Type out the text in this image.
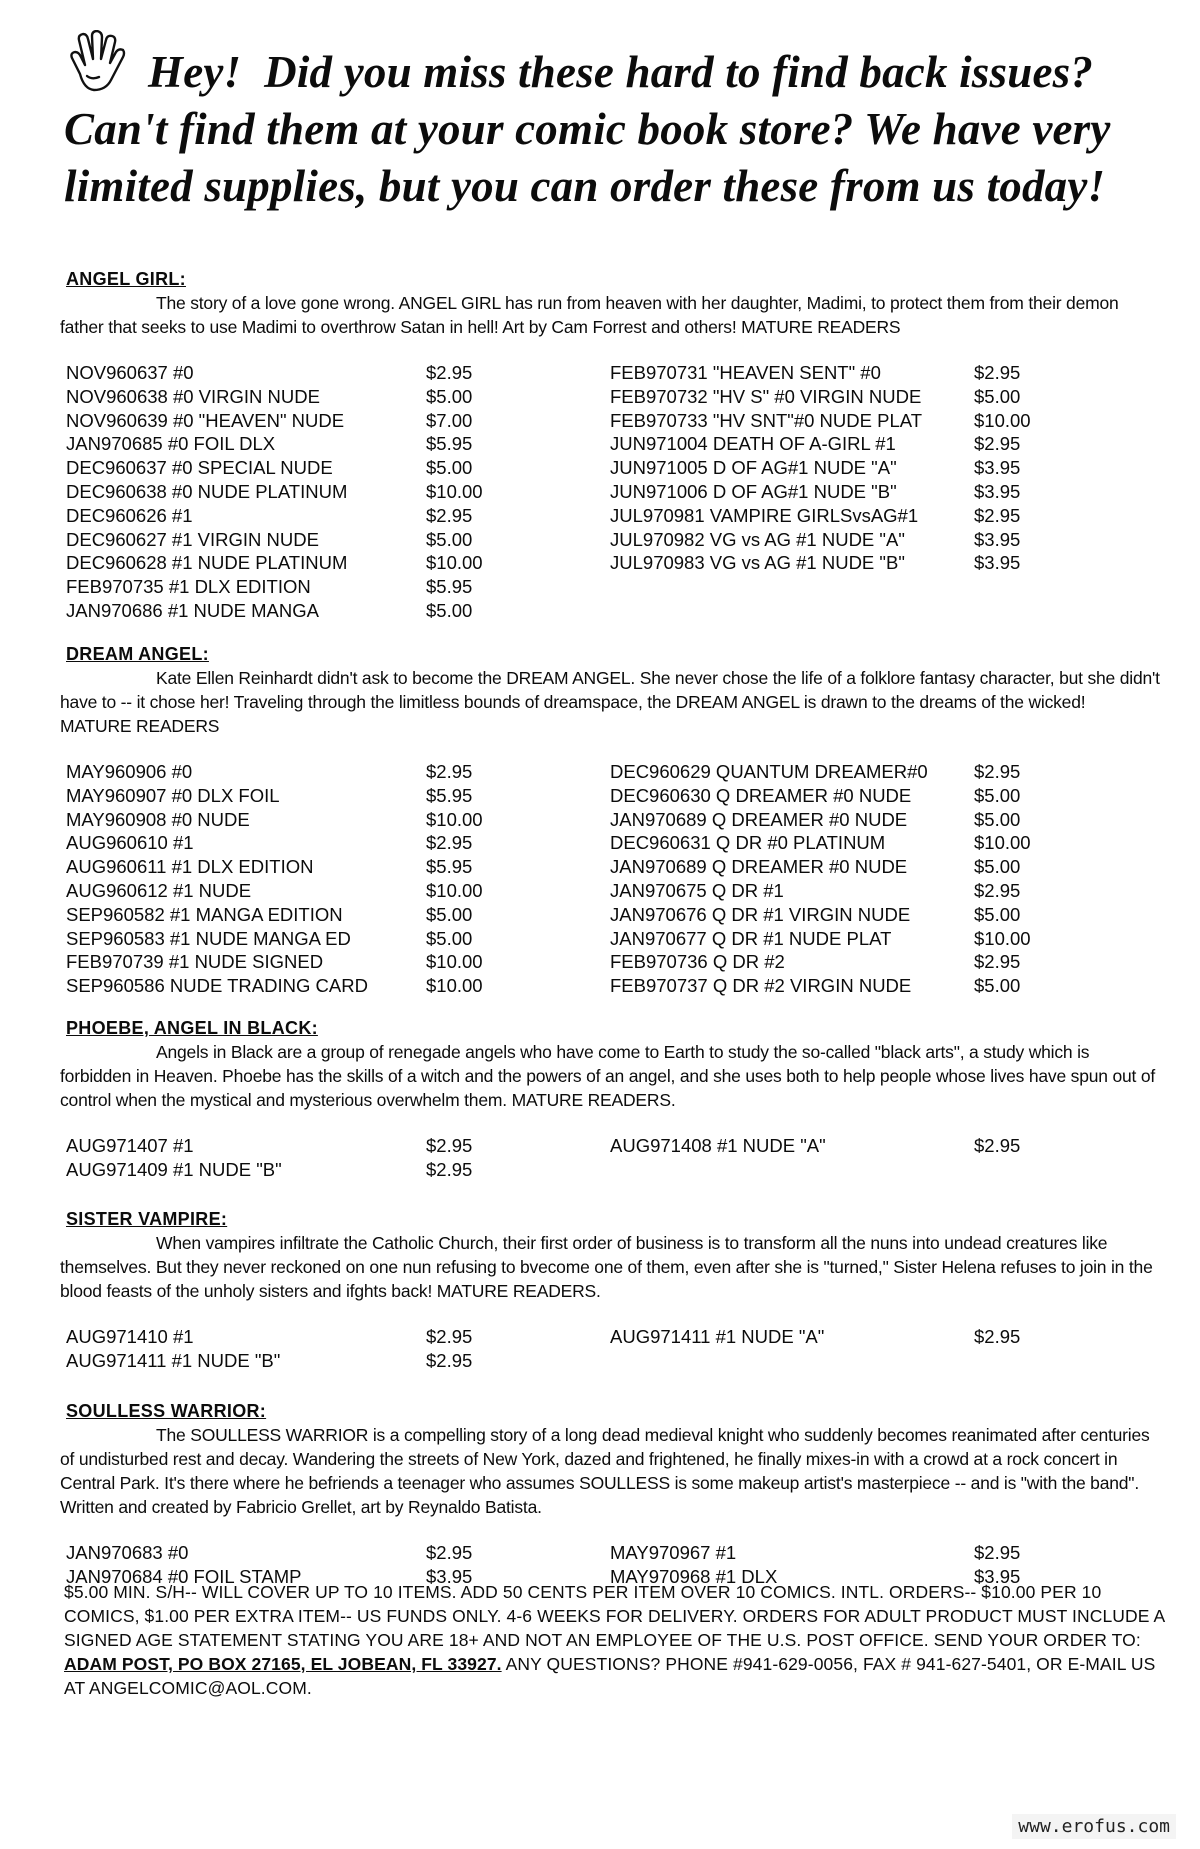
Hey!  Did you miss these hard to find back issues?
Can't find them at your comic book store? We have very
limited supplies, but you can order these from us today!
ANGEL GIRL:
The story of a love gone wrong. ANGEL GIRL has run from heaven with her daughter, Madimi, to protect them from their demon father that seeks to use Madimi to overthrow Satan in hell! Art by Cam Forrest and others! MATURE READERS
NOV960637 #0	$2.95
NOV960638 #0 VIRGIN NUDE	$5.00
NOV960639 #0 "HEAVEN" NUDE	$7.00
JAN970685 #0 FOIL DLX	$5.95
DEC960637 #0 SPECIAL NUDE	$5.00
DEC960638 #0 NUDE PLATINUM	$10.00
DEC960626 #1	$2.95
DEC960627 #1 VIRGIN NUDE	$5.00
DEC960628 #1 NUDE PLATINUM	$10.00
FEB970735 #1 DLX EDITION	$5.95
JAN970686 #1 NUDE MANGA	$5.00
FEB970731 "HEAVEN SENT" #0	$2.95
FEB970732 "HV S" #0 VIRGIN NUDE	$5.00
FEB970733 "HV SNT"#0 NUDE PLAT	$10.00
JUN971004 DEATH OF A-GIRL #1	$2.95
JUN971005 D OF AG#1 NUDE "A"	$3.95
JUN971006 D OF AG#1 NUDE "B"	$3.95
JUL970981 VAMPIRE GIRLSvsAG#1	$2.95
JUL970982 VG vs AG #1 NUDE "A"	$3.95
JUL970983 VG vs AG #1 NUDE "B"	$3.95
DREAM ANGEL:
Kate Ellen Reinhardt didn't ask to become the DREAM ANGEL. She never chose the life of a folklore fantasy character, but she didn't have to -- it chose her! Traveling through the limitless bounds of dreamspace, the DREAM ANGEL is drawn to the dreams of the wicked! MATURE READERS
MAY960906 #0	$2.95
MAY960907 #0 DLX FOIL	$5.95
MAY960908 #0 NUDE	$10.00
AUG960610 #1	$2.95
AUG960611 #1 DLX EDITION	$5.95
AUG960612 #1 NUDE	$10.00
SEP960582 #1 MANGA EDITION	$5.00
SEP960583 #1 NUDE MANGA ED	$5.00
FEB970739 #1 NUDE SIGNED	$10.00
SEP960586 NUDE TRADING CARD	$10.00
DEC960629 QUANTUM DREAMER#0	$2.95
DEC960630 Q DREAMER #0 NUDE	$5.00
JAN970689 Q DREAMER #0 NUDE	$5.00
DEC960631 Q DR #0 PLATINUM	$10.00
JAN970689 Q DREAMER #0 NUDE	$5.00
JAN970675 Q DR #1	$2.95
JAN970676 Q DR #1 VIRGIN NUDE	$5.00
JAN970677 Q DR #1 NUDE PLAT	$10.00
FEB970736 Q DR #2	$2.95
FEB970737 Q DR #2 VIRGIN NUDE	$5.00
PHOEBE, ANGEL IN BLACK:
Angels in Black are a group of renegade angels who have come to Earth to study the so-called "black arts", a study which is forbidden in Heaven. Phoebe has the skills of a witch and the powers of an angel, and she uses both to help people whose lives have spun out of control when the mystical and mysterious overwhelm them. MATURE READERS.
AUG971407 #1	$2.95
AUG971409 #1 NUDE "B"	$2.95
AUG971408 #1 NUDE "A"	$2.95
SISTER VAMPIRE:
When vampires infiltrate the Catholic Church, their first order of business is to transform all the nuns into undead creatures like themselves. But they never reckoned on one nun refusing to bvecome one of them, even after she is "turned," Sister Helena refuses to join in the blood feasts of the unholy sisters and ifghts back! MATURE READERS.
AUG971410 #1	$2.95
AUG971411 #1 NUDE "B"	$2.95
AUG971411 #1 NUDE "A"	$2.95
SOULLESS WARRIOR:
The SOULLESS WARRIOR is a compelling story of a long dead medieval knight who suddenly becomes reanimated after centuries of undisturbed rest and decay. Wandering the streets of New York, dazed and frightened, he finally mixes-in with a crowd at a rock concert in Central Park. It's there where he befriends a teenager who assumes SOULLESS is some makeup artist's masterpiece -- and is "with the band". Written and created by Fabricio Grellet, art by Reynaldo Batista.
JAN970683 #0	$2.95
JAN970684 #0 FOIL STAMP	$3.95
MAY970967 #1	$2.95
MAY970968 #1 DLX	$3.95
$5.00 MIN. S/H-- WILL COVER UP TO 10 ITEMS. ADD 50 CENTS PER ITEM OVER 10 COMICS. INTL. ORDERS-- $10.00 PER 10 COMICS, $1.00 PER EXTRA ITEM-- US FUNDS ONLY. 4-6 WEEKS FOR DELIVERY. ORDERS FOR ADULT PRODUCT MUST INCLUDE A SIGNED AGE STATEMENT STATING YOU ARE 18+ AND NOT AN EMPLOYEE OF THE U.S. POST OFFICE. SEND YOUR ORDER TO: ADAM POST, PO BOX 27165, EL JOBEAN, FL 33927. ANY QUESTIONS? PHONE #941-629-0056, FAX # 941-627-5401, OR E-MAIL US AT ANGELCOMIC@AOL.COM.
www.erofus.com
